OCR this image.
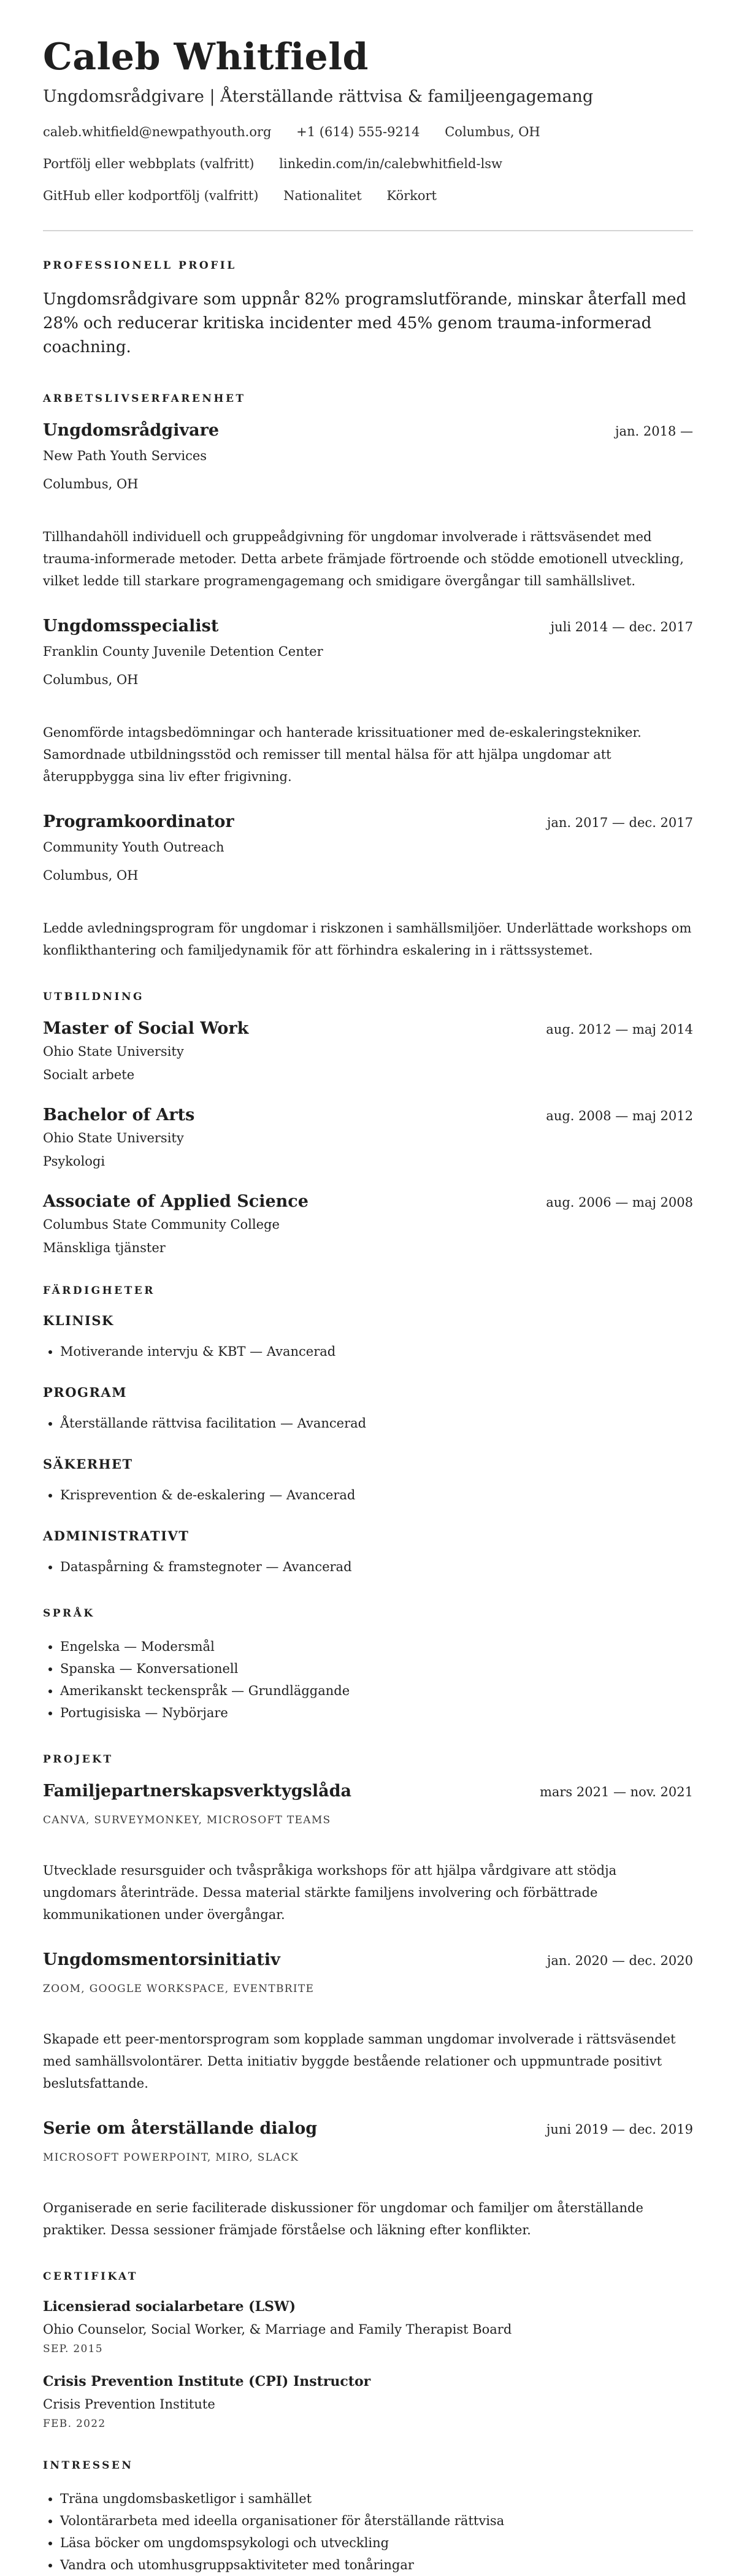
Caleb Whitfield
Ungdomsrådgivare | Återställande rättvisa & familjeengagemang
caleb.whitfield@newpathyouth.org +1 (614) 555-9214 Columbus, OH
Portfölj eller webbplats (valfritt) linkedin.com/in/calebwhitfield-lsw
GitHub eller kodportfölj (valfritt) Nationalitet Körkort
PROFESSIONELL PROFIL
Ungdomsrådgivare som uppnår 82% programslutförande, minskar återfall med 28% och reducerar kritiska incidenter med 45% genom trauma-informerad coachning.
ARBETSLIVSERFARENHET
Ungdomsrådgivare	jan. 2018 —
New Path Youth Services
Columbus, OH
Tillhandahöll individuell och gruppeådgivning för ungdomar involverade i rättsväsendet med trauma-informerade metoder. Detta arbete främjade förtroende och stödde emotionell utveckling, vilket ledde till starkare programengagemang och smidigare övergångar till samhällslivet.
Ungdomsspecialist	juli 2014 — dec. 2017
Franklin County Juvenile Detention Center
Columbus, OH
Genomförde intagsbedömningar och hanterade krissituationer med de-eskaleringstekniker. Samordnade utbildningsstöd och remisser till mental hälsa för att hjälpa ungdomar att återuppbygga sina liv efter frigivning.
Programkoordinator	jan. 2017 — dec. 2017
Community Youth Outreach
Columbus, OH
Ledde avledningsprogram för ungdomar i riskzonen i samhällsmiljöer. Underlättade workshops om konflikthantering och familjedynamik för att förhindra eskalering in i rättssystemet.
UTBILDNING
Master of Social Work	aug. 2012 — maj 2014
Ohio State University
Socialt arbete
Bachelor of Arts	aug. 2008 — maj 2012
Ohio State University
Psykologi
Associate of Applied Science	aug. 2006 — maj 2008
Columbus State Community College
Mänskliga tjänster
FÄRDIGHETER
KLINISK
• Motiverande intervju & KBT — Avancerad
PROGRAM
• Återställande rättvisa facilitation — Avancerad
SÄKERHET
• Krisprevention & de-eskalering — Avancerad
ADMINISTRATIVT
• Dataspårning & framstegnoter — Avancerad
SPRÅK
• Engelska — Modersmål
• Spanska — Konversationell
• Amerikanskt teckenspråk — Grundläggande
• Portugisiska — Nybörjare
PROJEKT
Familjepartnerskapsverktygslåda	mars 2021 — nov. 2021
CANVA, SURVEYMONKEY, MICROSOFT TEAMS
Utvecklade resursguider och tvåspråkiga workshops för att hjälpa vårdgivare att stödja ungdomars återinträde. Dessa material stärkte familjens involvering och förbättrade kommunikationen under övergångar.
Ungdomsmentorsinitiativ	jan. 2020 — dec. 2020
ZOOM, GOOGLE WORKSPACE, EVENTBRITE
Skapade ett peer-mentorsprogram som kopplade samman ungdomar involverade i rättsväsendet med samhällsvolontärer. Detta initiativ byggde bestående relationer och uppmuntrade positivt beslutsfattande.
Serie om återställande dialog	juni 2019 — dec. 2019
MICROSOFT POWERPOINT, MIRO, SLACK
Organiserade en serie faciliterade diskussioner för ungdomar och familjer om återställande praktiker. Dessa sessioner främjade förståelse och läkning efter konflikter.
CERTIFIKAT
Licensierad socialarbetare (LSW)
Ohio Counselor, Social Worker, & Marriage and Family Therapist Board
SEP. 2015
Crisis Prevention Institute (CPI) Instructor
Crisis Prevention Institute
FEB. 2022
INTRESSEN
• Träna ungdomsbasketligor i samhället
• Volontärarbeta med ideella organisationer för återställande rättvisa
• Läsa böcker om ungdomspsykologi och utveckling
• Vandra och utomhusgruppsaktiviteter med tonåringar
